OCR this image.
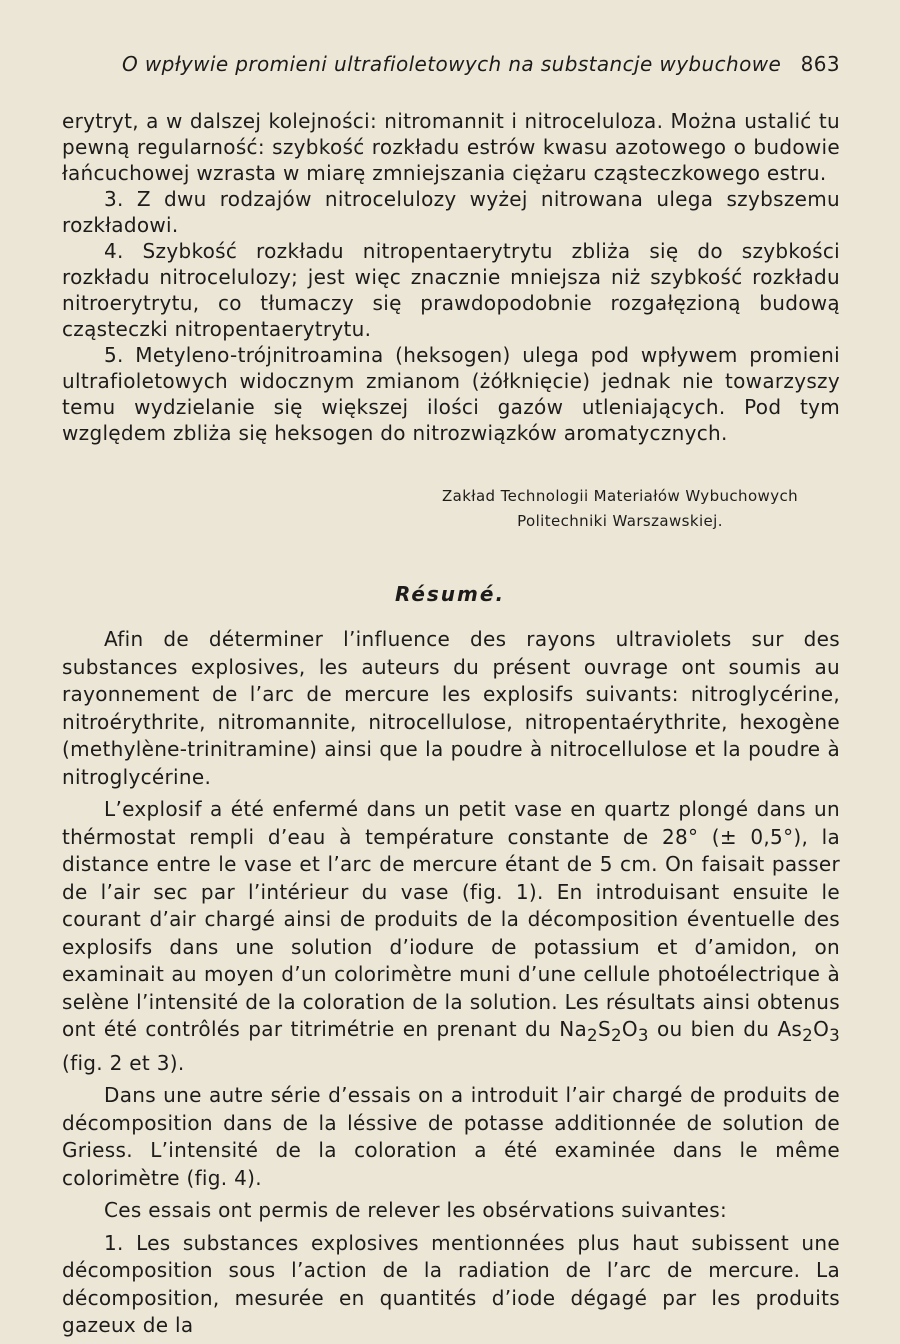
O wpływie promieni ultrafioletowych na substancje wybuchowe 863

erytryt, a w dalszej kolejności: nitromannit i nitroceluloza. Można ustalić tu pewną regularność: szybkość rozkładu estrów kwasu azotowego o budowie łańcuchowej wzrasta w miarę zmniejszania ciężaru cząsteczkowego estru.

3. Z dwu rodzajów nitrocelulozy wyżej nitrowana ulega szybszemu rozkładowi.

4. Szybkość rozkładu nitropentaerytrytu zbliża się do szybkości rozkładu nitrocelulozy; jest więc znacznie mniejsza niż szybkość rozkładu nitroerytrytu, co tłumaczy się prawdopodobnie rozgałęzioną budową cząsteczki nitropentaerytrytu.

5. Metyleno-trójnitroamina (heksogen) ulega pod wpływem promieni ultrafioletowych widocznym zmianom (żółknięcie) jednak nie towarzyszy temu wydzielanie się większej ilości gazów utleniających. Pod tym względem zbliża się heksogen do nitrozwiązków aromatycznych.

Zakład Technologii Materiałów Wybuchowych
Politechniki Warszawskiej.
Résumé.

Afin de déterminer l’influence des rayons ultraviolets sur des substances explosives, les auteurs du présent ouvrage ont soumis au rayonnement de l’arc de mercure les explosifs suivants: nitroglycérine, nitroérythrite, nitromannite, nitrocellulose, nitropentaérythrite, hexogène (methylène-trinitramine) ainsi que la poudre à nitrocellulose et la poudre à nitroglycérine.

L’explosif a été enfermé dans un petit vase en quartz plongé dans un thérmostat rempli d’eau à température constante de 28° (± 0,5°), la distance entre le vase et l’arc de mercure étant de 5 cm. On faisait passer de l’air sec par l’intérieur du vase (fig. 1). En introduisant ensuite le courant d’air chargé ainsi de produits de la décomposition éventuelle des explosifs dans une solution d’iodure de potassium et d’amidon, on examinait au moyen d’un colorimètre muni d’une cellule photoélectrique à selène l’intensité de la coloration de la solution. Les résultats ainsi obtenus ont été contrôlés par titrimétrie en prenant du $Na_2S_2O_3$ ou bien du $As_2O_3$ (fig. 2 et 3).

Dans une autre série d’essais on a introduit l’air chargé de produits de décomposition dans de la léssive de potasse additionnée de solution de Griess. L’intensité de la coloration a été examinée dans le même colorimètre (fig. 4).

Ces essais ont permis de relever les obsérvations suivantes:

1. Les substances explosives mentionnées plus haut subissent une décomposition sous l’action de la radiation de l’arc de mercure. La décomposition, mesurée en quantités d’iode dégagé par les produits gazeux de la
